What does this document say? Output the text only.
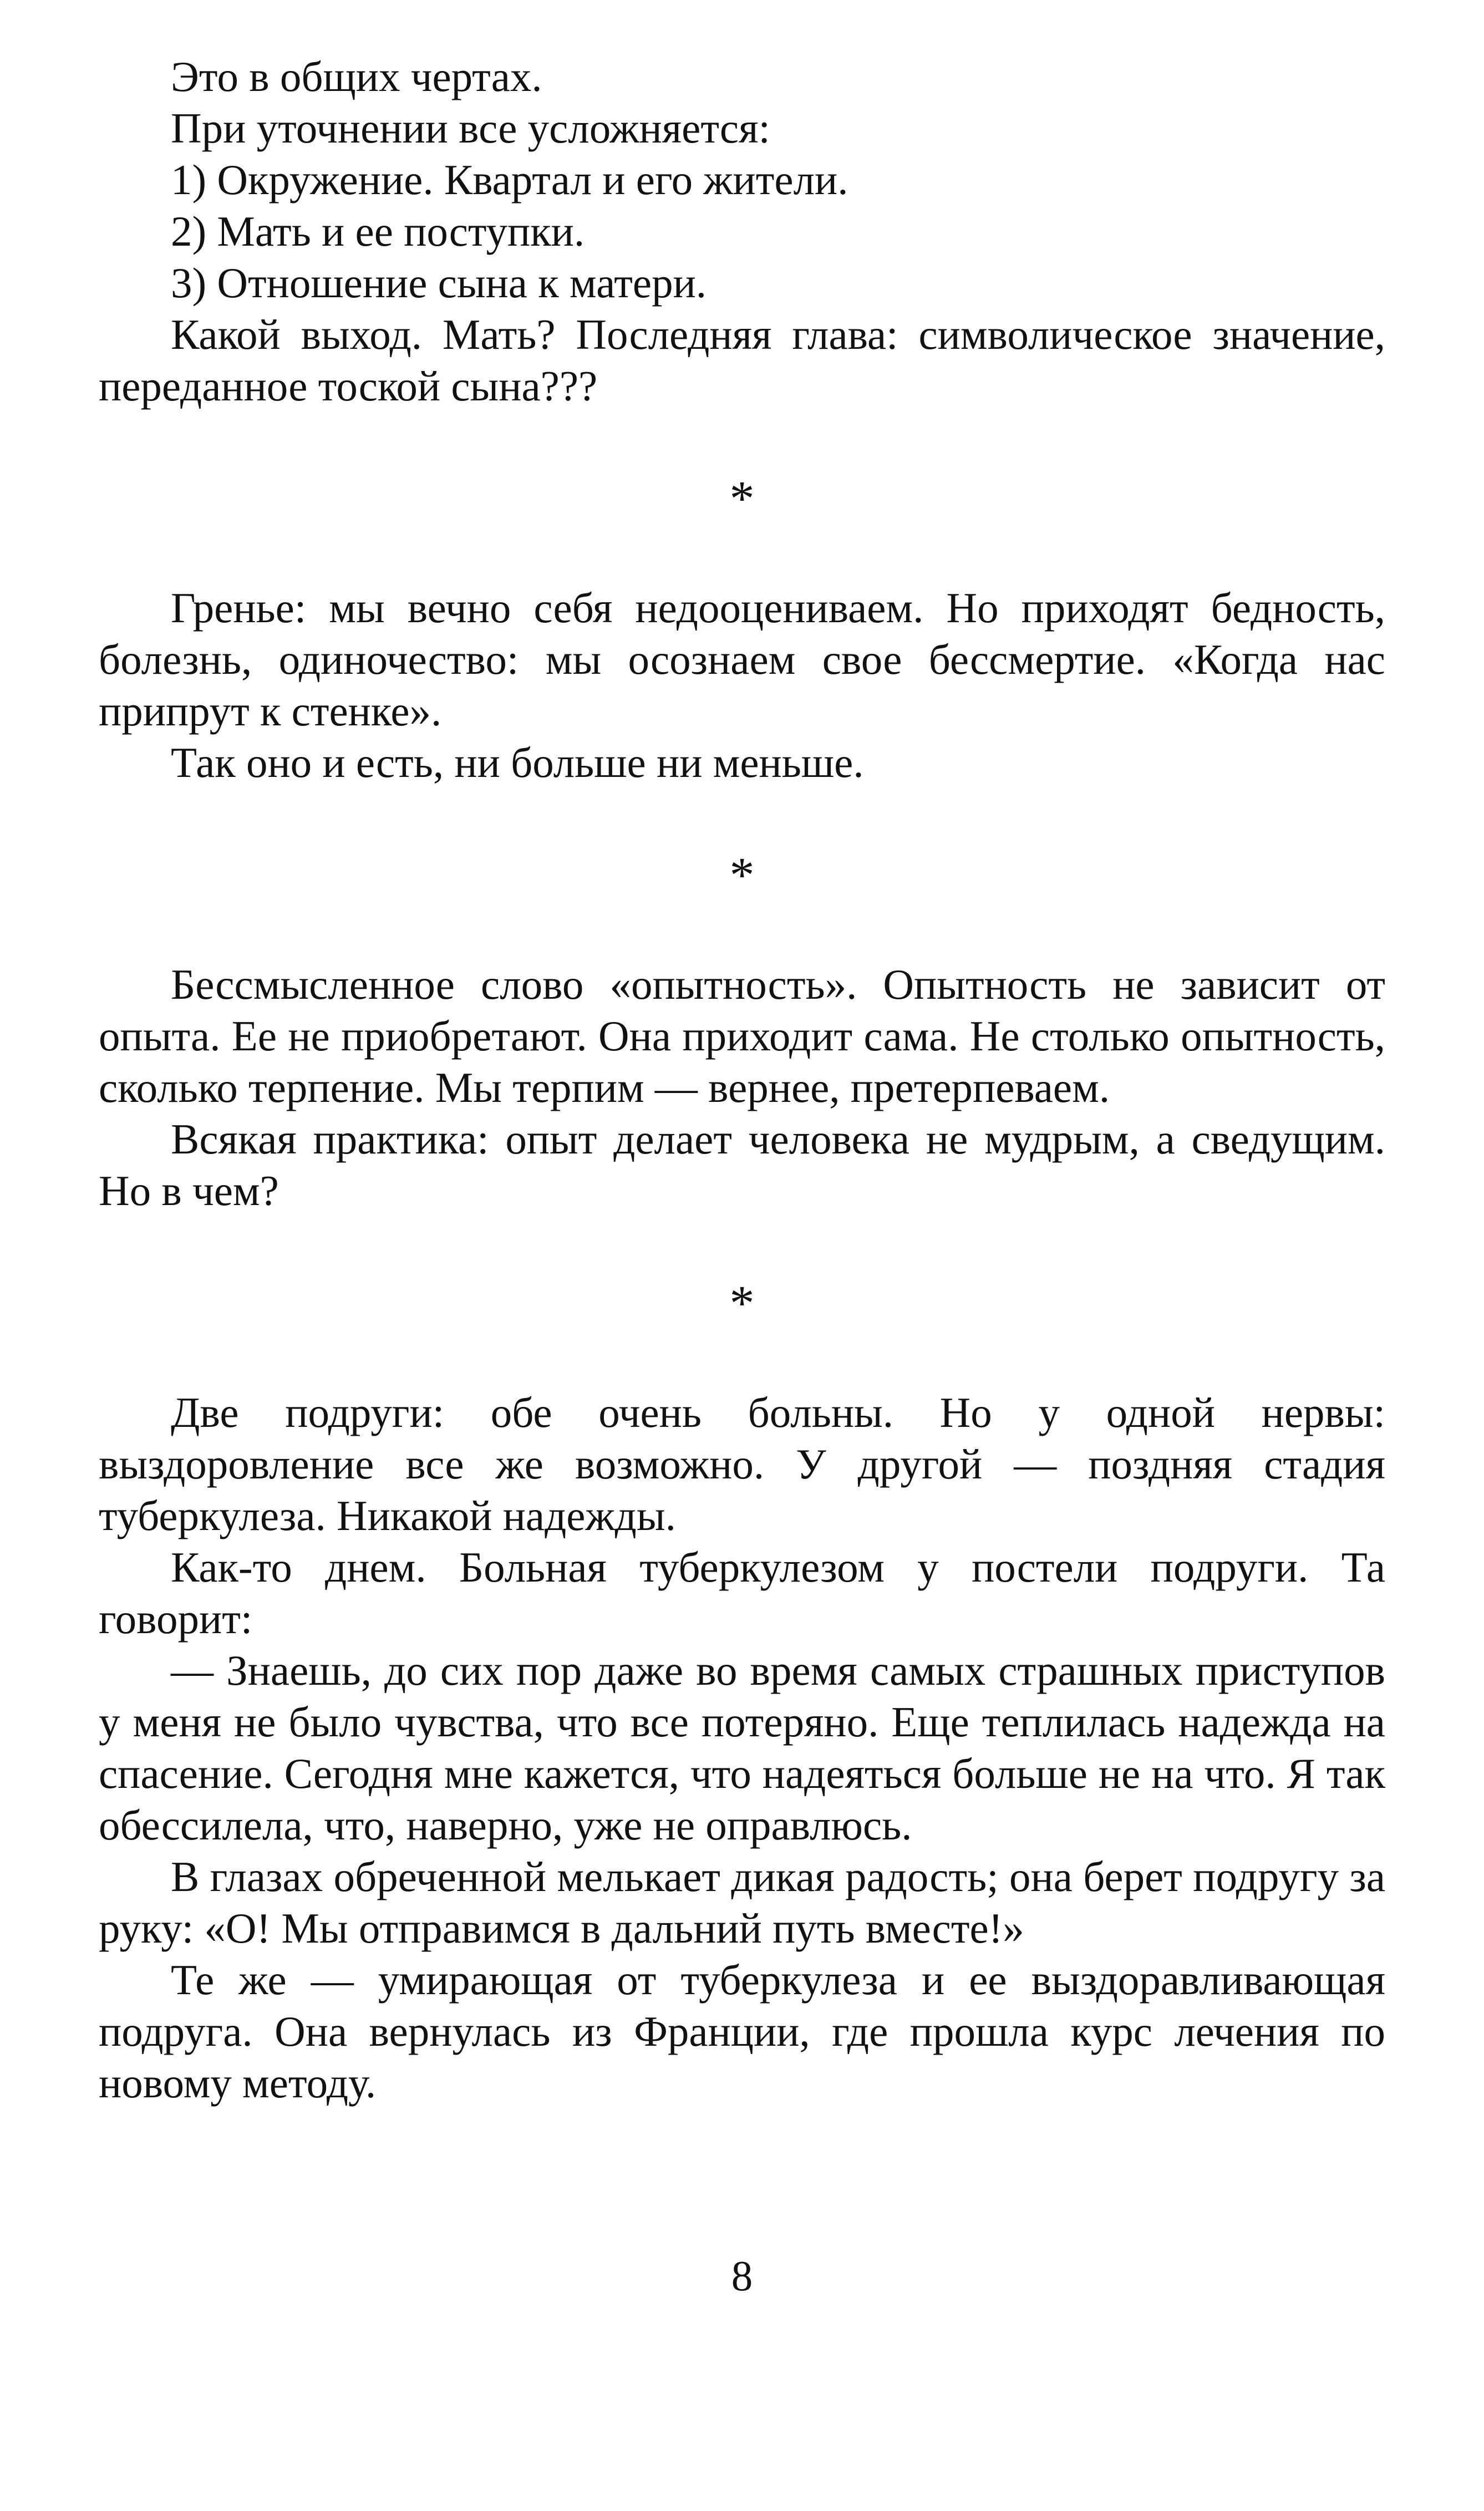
Это в общих чертах.

При уточнении все усложняется:

1) Окружение. Квартал и его жители.

2) Мать и ее поступки.

3) Отношение сына к матери.

Какой выход. Мать? Последняя глава: символическое значение, переданное тоской сына???

*

Гренье: мы вечно себя недооцениваем. Но приходят бедность, болезнь, одиночество: мы осознаем свое бессмертие. «Когда нас припрут к стенке».

Так оно и есть, ни больше ни меньше.

*

Бессмысленное слово «опытность». Опытность не зависит от опыта. Ее не приобретают. Она приходит сама. Не столько опытность, сколько терпение. Мы терпим — вернее, претерпеваем.

Всякая практика: опыт делает человека не мудрым, а сведущим. Но в чем?

*

Две подруги: обе очень больны. Но у одной нервы: выздоровление все же возможно. У другой — поздняя стадия туберкулеза. Никакой надежды.

Как-то днем. Больная туберкулезом у постели подруги. Та говорит:

— Знаешь, до сих пор даже во время самых страшных приступов у меня не было чувства, что все потеряно. Еще теплилась надежда на спасение. Сегодня мне кажется, что надеяться больше не на что. Я так обессилела, что, наверно, уже не оправлюсь.

В глазах обреченной мелькает дикая радость; она берет подругу за руку: «О! Мы отправимся в дальний путь вместе!»

Те же — умирающая от туберкулеза и ее выздоравливающая подруга. Она вернулась из Франции, где прошла курс лечения по новому методу.

8
